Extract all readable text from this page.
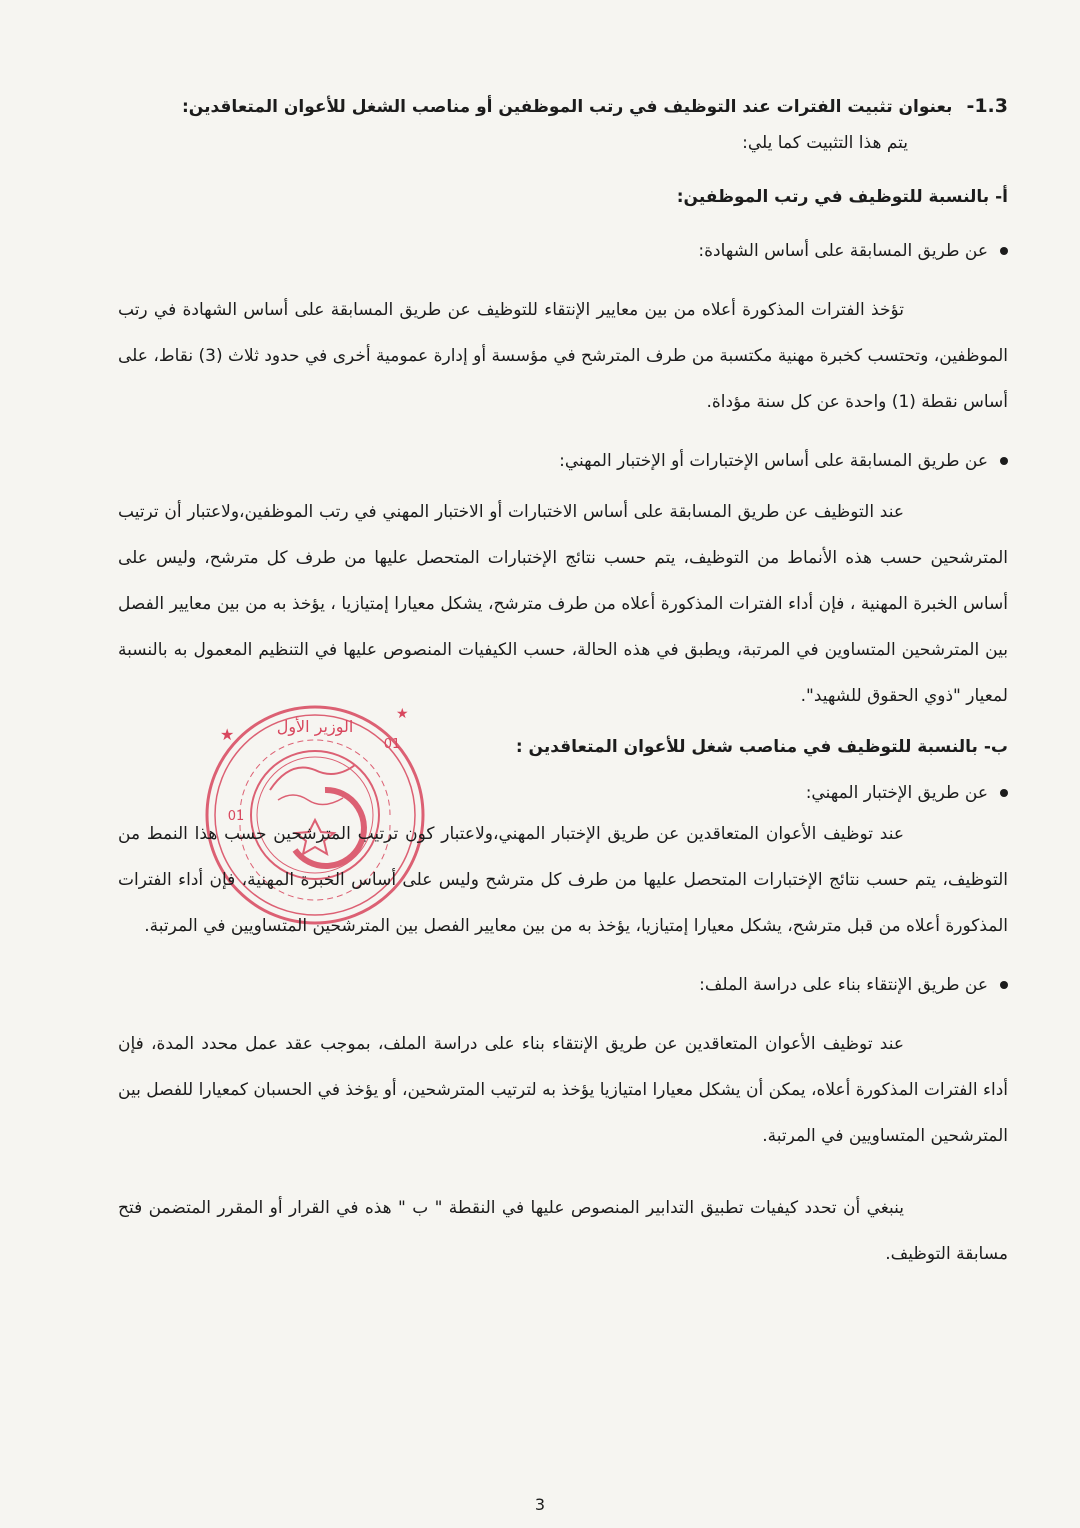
الوزير الأول
01
01
★
★

1.3-بعنوان تثبيت الفترات عند التوظيف في رتب الموظفين أو مناصب الشغل للأعوان المتعاقدين:

يتم هذا التثبيت كما يلي:

أ- بالنسبة للتوظيف في رتب الموظفين:

عن طريق المسابقة على أساس الشهادة:

تؤخذ الفترات المذكورة أعلاه من بين معايير الإنتقاء للتوظيف عن طريق المسابقة على أساس الشهادة في رتب الموظفين، وتحتسب كخبرة مهنية مكتسبة من طرف المترشح في مؤسسة أو إدارة عمومية أخرى في حدود ثلاث (3) نقاط، على أساس نقطة (1) واحدة عن كل سنة مؤداة.

عن طريق المسابقة على أساس الإختبارات أو الإختبار المهني:

عند التوظيف عن طريق المسابقة على أساس الاختبارات أو الاختبار المهني في رتب الموظفين،ولاعتبار أن ترتيب المترشحين حسب هذه الأنماط من التوظيف، يتم حسب نتائج الإختبارات المتحصل عليها من طرف كل مترشح، وليس على أساس الخبرة المهنية ، فإن أداء الفترات المذكورة أعلاه من طرف مترشح، يشكل معيارا إمتيازيا ، يؤخذ به من بين معايير الفصل بين المترشحين المتساوين في المرتبة، ويطبق في هذه الحالة، حسب الكيفيات المنصوص عليها في التنظيم المعمول به بالنسبة لمعيار "ذوي الحقوق للشهيد".

ب- بالنسبة للتوظيف في مناصب شغل للأعوان المتعاقدين :

عن طريق الإختبار المهني:

عند توظيف الأعوان المتعاقدين عن طريق الإختبار المهني،ولاعتبار كون ترتيب المترشحين حسب هذا النمط من التوظيف، يتم حسب نتائج الإختبارات المتحصل عليها من طرف كل مترشح وليس على أساس الخبرة المهنية، فإن أداء الفترات المذكورة أعلاه من قبل مترشح، يشكل معيارا إمتيازيا، يؤخذ به من بين معايير الفصل بين المترشحين المتساويين في المرتبة.

عن طريق الإنتقاء بناء على دراسة الملف:

عند توظيف الأعوان المتعاقدين عن طريق الإنتقاء بناء على دراسة الملف، بموجب عقد عمل محدد المدة، فإن أداء الفترات المذكورة أعلاه، يمكن أن يشكل معيارا امتيازيا يؤخذ به لترتيب المترشحين، أو يؤخذ في الحسبان كمعيارا للفصل بين المترشحين المتساويين في المرتبة.

ينبغي أن تحدد كيفيات تطبيق التدابير المنصوص عليها في النقطة " ب " هذه في القرار أو المقرر المتضمن فتح مسابقة التوظيف.

3
